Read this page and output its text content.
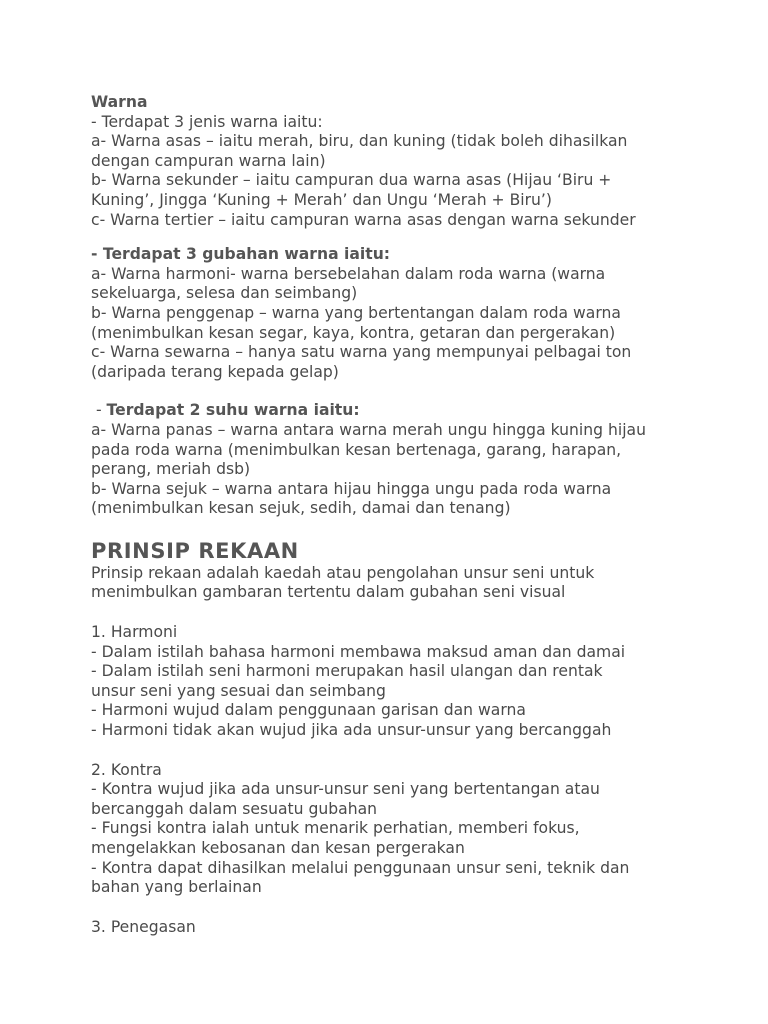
Warna
- Terdapat 3 jenis warna iaitu:
a- Warna asas – iaitu merah, biru, dan kuning (tidak boleh dihasilkan
dengan campuran warna lain)
b- Warna sekunder – iaitu campuran dua warna asas (Hijau ‘Biru +
Kuning’, Jingga ‘Kuning + Merah’ dan Ungu ‘Merah + Biru’)
c- Warna tertier – iaitu campuran warna asas dengan warna sekunder
- Terdapat 3 gubahan warna iaitu:
a- Warna harmoni- warna bersebelahan dalam roda warna (warna
sekeluarga, selesa dan seimbang)
b- Warna penggenap – warna yang bertentangan dalam roda warna
(menimbulkan kesan segar, kaya, kontra, getaran dan pergerakan)
c- Warna sewarna – hanya satu warna yang mempunyai pelbagai ton
(daripada terang kepada gelap)
- Terdapat 2 suhu warna iaitu:
a- Warna panas – warna antara warna merah ungu hingga kuning hijau
pada roda warna (menimbulkan kesan bertenaga, garang, harapan,
perang, meriah dsb)
b- Warna sejuk – warna antara hijau hingga ungu pada roda warna
(menimbulkan kesan sejuk, sedih, damai dan tenang)
PRINSIP REKAAN
Prinsip rekaan adalah kaedah atau pengolahan unsur seni untuk
menimbulkan gambaran tertentu dalam gubahan seni visual
1. Harmoni
- Dalam istilah bahasa harmoni membawa maksud aman dan damai
- Dalam istilah seni harmoni merupakan hasil ulangan dan rentak
unsur seni yang sesuai dan seimbang
- Harmoni wujud dalam penggunaan garisan dan warna
- Harmoni tidak akan wujud jika ada unsur-unsur yang bercanggah
2. Kontra
- Kontra wujud jika ada unsur-unsur seni yang bertentangan atau
bercanggah dalam sesuatu gubahan
- Fungsi kontra ialah untuk menarik perhatian, memberi fokus,
mengelakkan kebosanan dan kesan pergerakan
- Kontra dapat dihasilkan melalui penggunaan unsur seni, teknik dan
bahan yang berlainan
3. Penegasan
